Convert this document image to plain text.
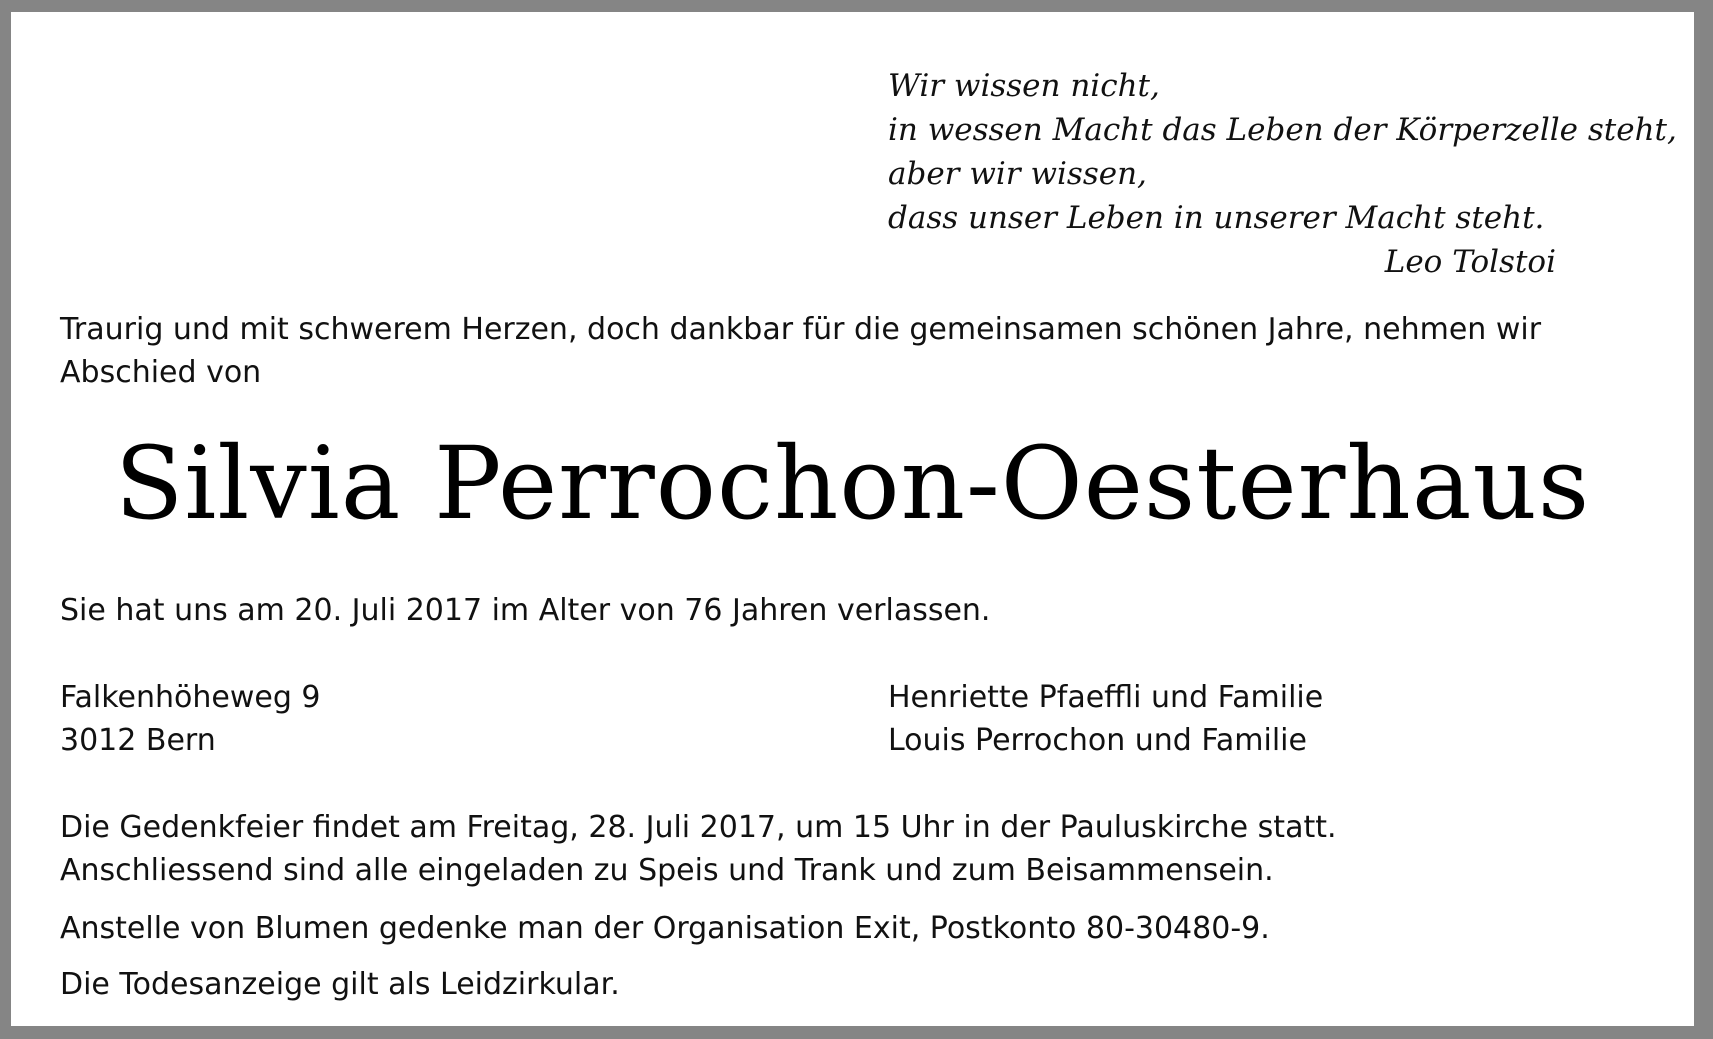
Wir wissen nicht,
in wessen Macht das Leben der Körperzelle steht,
aber wir wissen,
dass unser Leben in unserer Macht steht.
Leo Tolstoi
Traurig und mit schwerem Herzen, doch dankbar für die gemeinsamen schönen Jahre, nehmen wir Abschied von
Silvia Perrochon-Oesterhaus
Sie hat uns am 20. Juli 2017 im Alter von 76 Jahren verlassen.
Falkenhöheweg 9
3012 Bern
Henriette Pfaeffli und Familie
Louis Perrochon und Familie
Die Gedenkfeier findet am Freitag, 28. Juli 2017, um 15 Uhr in der Pauluskirche statt.
Anschliessend sind alle eingeladen zu Speis und Trank und zum Beisammensein.
Anstelle von Blumen gedenke man der Organisation Exit, Postkonto 80-30480-9.
Die Todesanzeige gilt als Leidzirkular.
